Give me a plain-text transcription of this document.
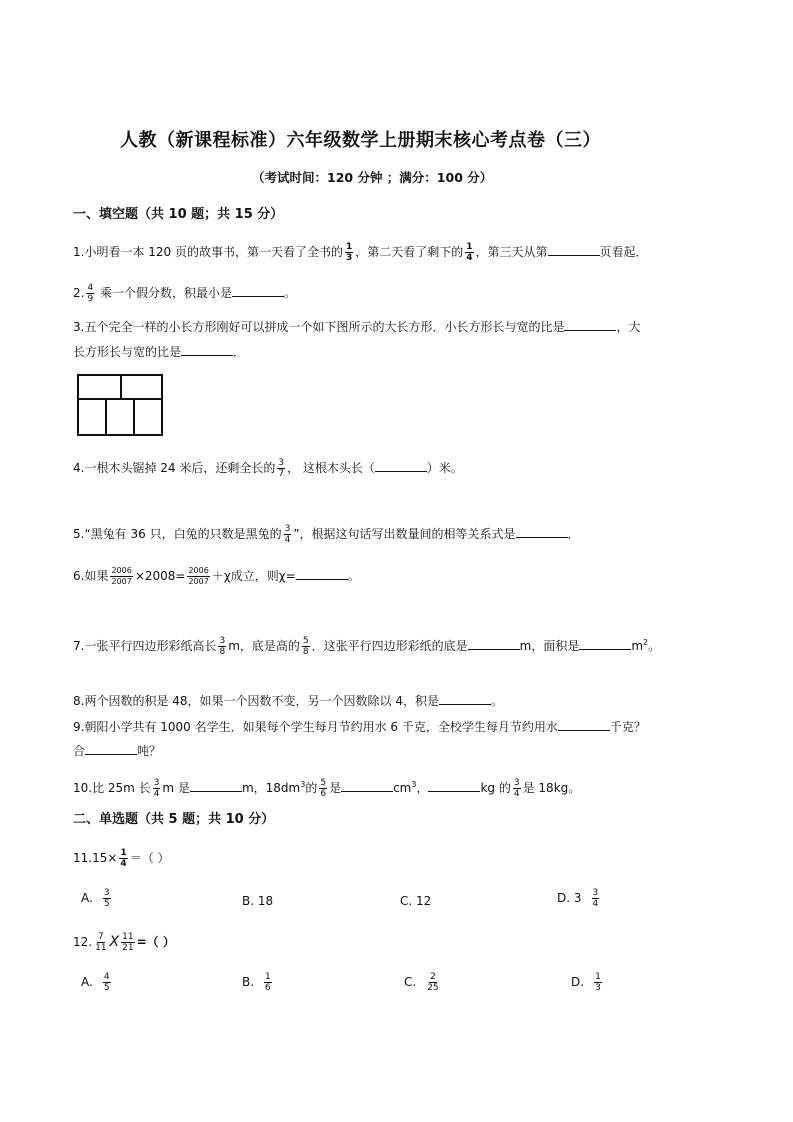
人教（新课程标准）六年级数学上册期末核心考点卷（三）
（考试时间：120 分钟 ；满分：100 分）
一、填空题（共 10 题；共 15 分）
1.小明看一本 120 页的故事书，第一天看了全书的 $\frac{1}{3}$ ，第二天看了剩下的 $\frac{1}{4}$ ，第三天从第	页看起．
2. $\frac{4}{9}$ 乘一个假分数，积最小是	。
3.五个完全一样的小长方形刚好可以拼成一个如下图所示的大长方形．小长方形长与宽的比是	，大
长方形长与宽的比是	．
4.一根木头锯掉 24 米后，还剩全长的 $\frac{3}{7}$ ， 这根木头长（	）米。
5.“黑兔有 36 只，白兔的只数是黑兔的 $\frac{3}{4}$ ”，根据这句话写出数量间的相等关系式是	．
6.如果 $\frac{2006}{2007} \times 2008= \frac{2006}{2007} +\chi$成立，则χ=	。
7.一张平行四边形彩纸高长 $\frac{3}{8}$ m，底是高的 $\frac{5}{8}$ ．这张平行四边形彩纸的底是	m，面积是	$m^2$。
8.两个因数的积是 48，如果一个因数不变，另一个因数除以 4，积是	。
9.朝阳小学共有 1000 名学生．如果每个学生每月节约用水 6 千克，全校学生每月节约用水	千克？
合	吨？
10.比 25m 长 $\frac{3}{4}$ m 是	m，$18dm^3$的 $\frac{5}{6}$ 是	$cm^3$，	kg 的 $\frac{3}{4}$ 是 18kg。
二、单选题（共 5 题；共 10 分）
$11.15\times \frac{1}{4}$ ＝（ ）
A. $\frac{3}{5}$	B. 18	C. 12	D. $3 \frac{3}{4}$
12. $\frac{7}{11}$ X $\frac{11}{21}$ =（ ）
A. $\frac{4}{5}$	B. $\frac{1}{6}$	C. $\frac{2}{25}$	D. $\frac{1}{3}$
